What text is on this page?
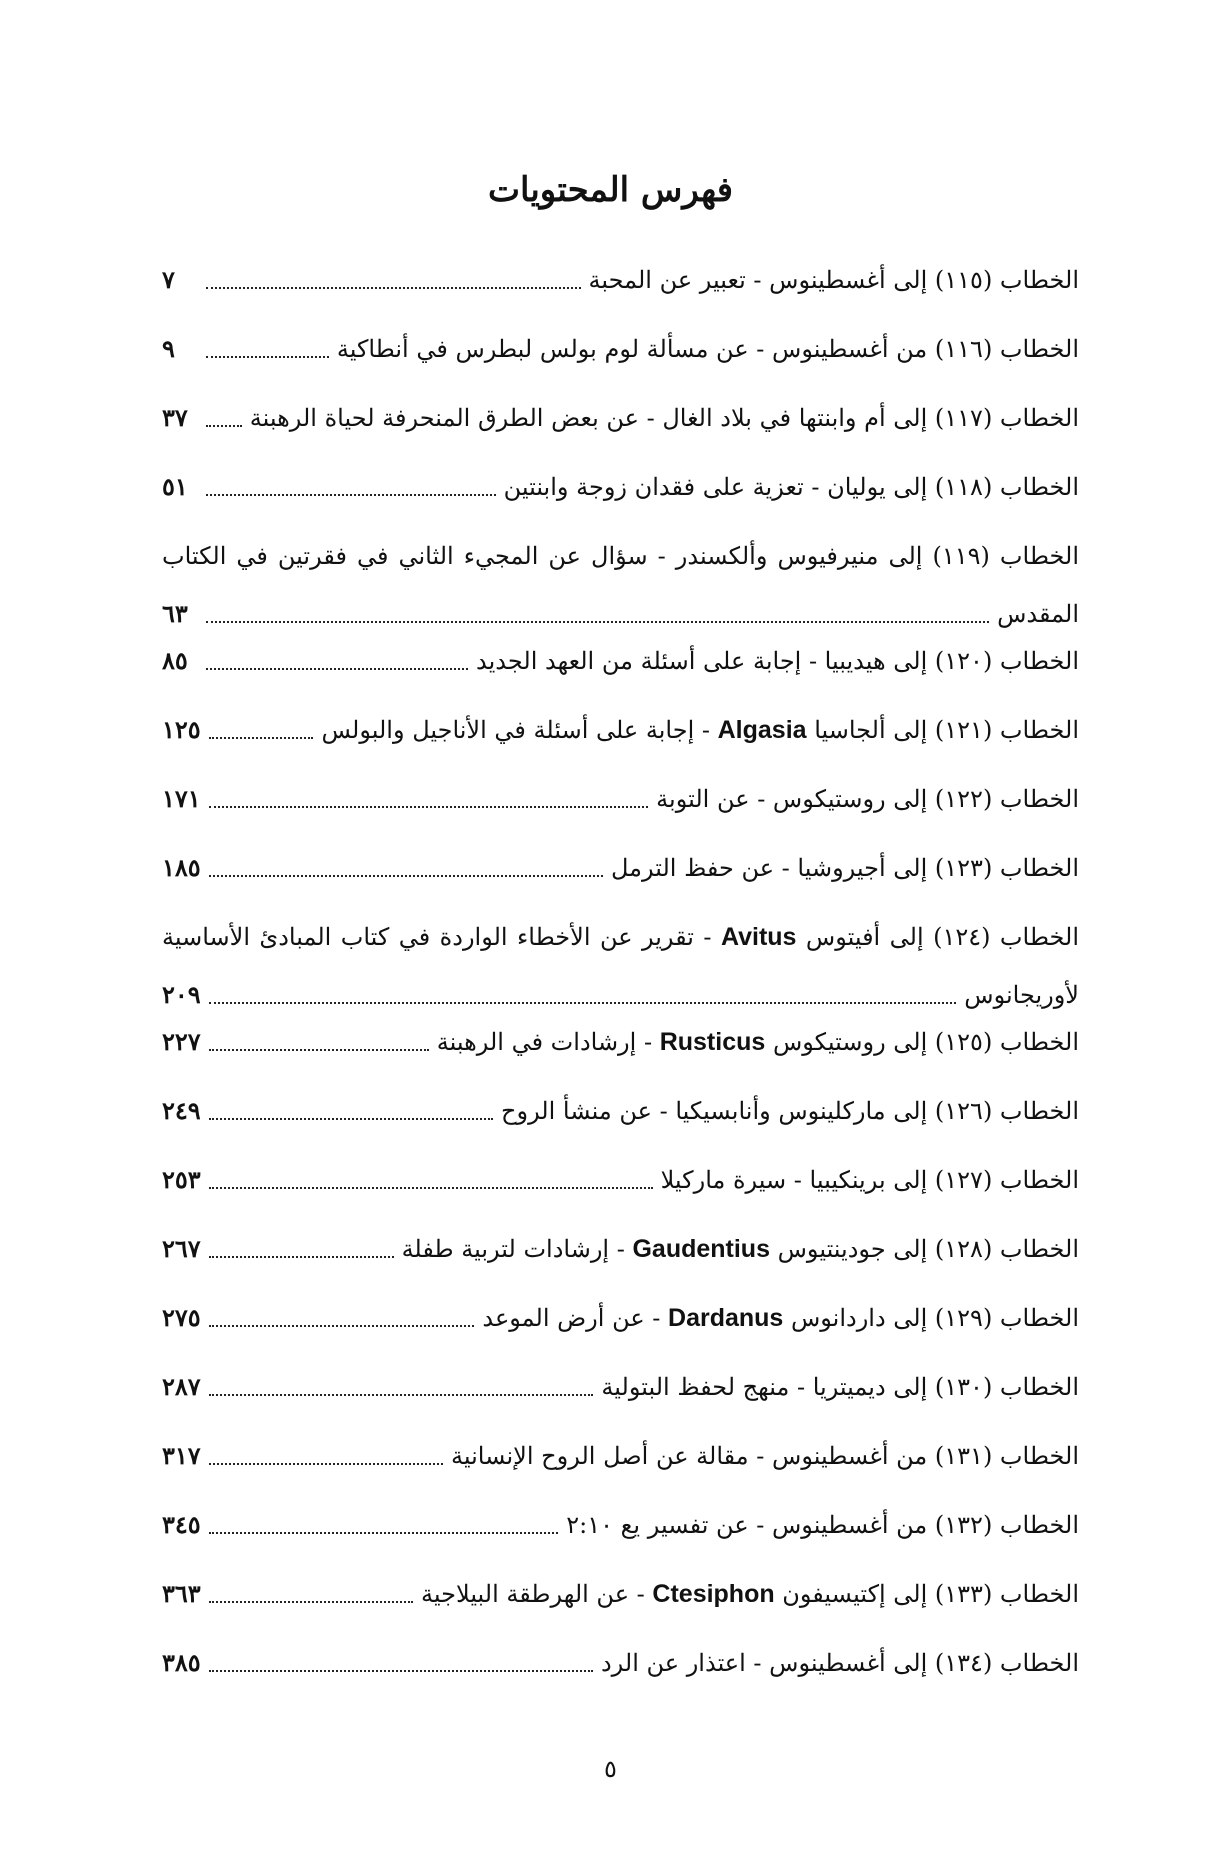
فهرس المحتويات
الخطاب (١١٥) إلى أغسطينوس - تعبير عن المحبة
٧
الخطاب (١١٦) من أغسطينوس - عن مسألة لوم بولس لبطرس في أنطاكية
٩
الخطاب (١١٧) إلى أم وابنتها في بلاد الغال - عن بعض الطرق المنحرفة لحياة الرهبنة
٣٧
الخطاب (١١٨) إلى يوليان - تعزية على فقدان زوجة وابنتين
٥١
الخطاب (١١٩) إلى منيرفيوس وألكسندر - سؤال عن المجيء الثاني في فقرتين في الكتاب
المقدس
٦٣
الخطاب (١٢٠) إلى هيديبيا - إجابة على أسئلة من العهد الجديد
٨٥
الخطاب (١٢١) إلى ألجاسيا Algasia - إجابة على أسئلة في الأناجيل والبولس
١٢٥
الخطاب (١٢٢) إلى روستيكوس - عن التوبة
١٧١
الخطاب (١٢٣) إلى أجيروشيا - عن حفظ الترمل
١٨٥
الخطاب (١٢٤) إلى أفيتوس Avitus - تقرير عن الأخطاء الواردة في كتاب المبادئ الأساسية
لأوريجانوس
٢٠٩
الخطاب (١٢٥) إلى روستيكوس Rusticus - إرشادات في الرهبنة
٢٢٧
الخطاب (١٢٦) إلى ماركلينوس وأنابسيكيا - عن منشأ الروح
٢٤٩
الخطاب (١٢٧) إلى برينكيبيا - سيرة ماركيلا
٢٥٣
الخطاب (١٢٨) إلى جودينتيوس Gaudentius - إرشادات لتربية طفلة
٢٦٧
الخطاب (١٢٩) إلى داردانوس Dardanus - عن أرض الموعد
٢٧٥
الخطاب (١٣٠) إلى ديميتريا - منهج لحفظ البتولية
٢٨٧
الخطاب (١٣١) من أغسطينوس - مقالة عن أصل الروح الإنسانية
٣١٧
الخطاب (١٣٢) من أغسطينوس - عن تفسير يع ٢:١٠
٣٤٥
الخطاب (١٣٣) إلى إكتيسيفون Ctesiphon - عن الهرطقة البيلاجية
٣٦٣
الخطاب (١٣٤) إلى أغسطينوس - اعتذار عن الرد
٣٨٥
٥
